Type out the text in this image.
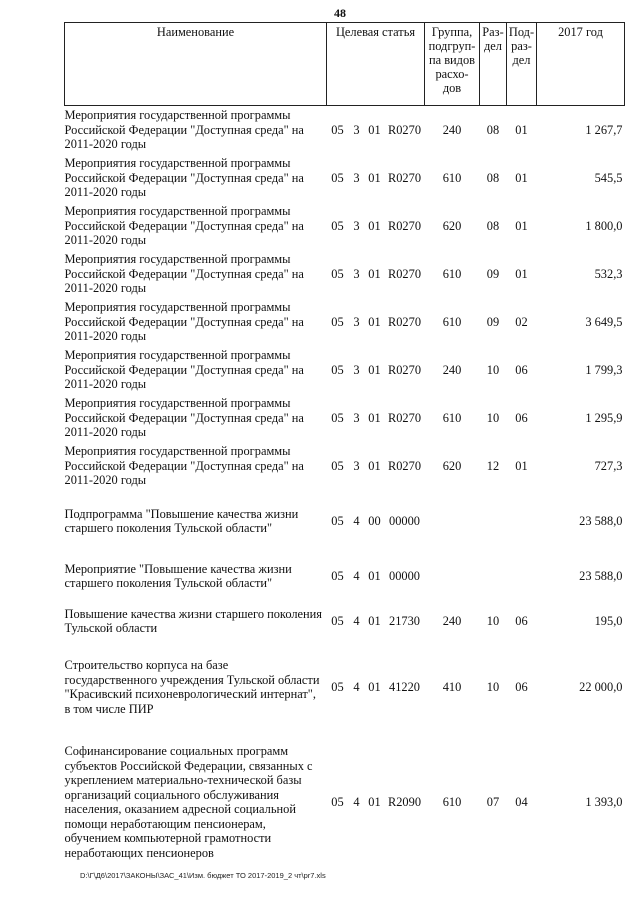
48
Наименование	Целевая статья				Группа, подгруп- па видов расхо- дов	Раз- дел	Под- раз- дел	2017 год
Мероприятия государственной программы Российской Федерации "Доступная среда" на 2011-2020 годы	05	3	01	R0270	240	08	01	1 267,7
Мероприятия государственной программы Российской Федерации "Доступная среда" на 2011-2020 годы	05	3	01	R0270	610	08	01	545,5
Мероприятия государственной программы Российской Федерации "Доступная среда" на 2011-2020 годы	05	3	01	R0270	620	08	01	1 800,0
Мероприятия государственной программы Российской Федерации "Доступная среда" на 2011-2020 годы	05	3	01	R0270	610	09	01	532,3
Мероприятия государственной программы Российской Федерации "Доступная среда" на 2011-2020 годы	05	3	01	R0270	610	09	02	3 649,5
Мероприятия государственной программы Российской Федерации "Доступная среда" на 2011-2020 годы	05	3	01	R0270	240	10	06	1 799,3
Мероприятия государственной программы Российской Федерации "Доступная среда" на 2011-2020 годы	05	3	01	R0270	610	10	06	1 295,9
Мероприятия государственной программы Российской Федерации "Доступная среда" на 2011-2020 годы	05	3	01	R0270	620	12	01	727,3
Подпрограмма "Повышение качества жизни старшего поколения Тульской области"	05	4	00	00000				23 588,0
Мероприятие "Повышение качества жизни старшего поколения Тульской области"	05	4	01	00000				23 588,0
Повышение качества жизни старшего поколения Тульской области	05	4	01	21730	240	10	06	195,0
Строительство корпуса на базе государственного учреждения Тульской области "Красивский психоневрологический интернат", в том числе ПИР	05	4	01	41220	410	10	06	22 000,0
Софинансирование социальных программ субъектов Российской Федерации, связанных с укреплением материально-технической базы организаций социального обслуживания населения, оказанием адресной социальной помощи неработающим пенсионерам, обучением компьютерной грамотности неработающих пенсионеров	05	4	01	R2090	610	07	04	1 393,0
D:\Г\Д6\2017\ЗАКОНЫ\ЗАС_41\Изм. бюджет ТО 2017-2019_2 чт\pr7.xls
